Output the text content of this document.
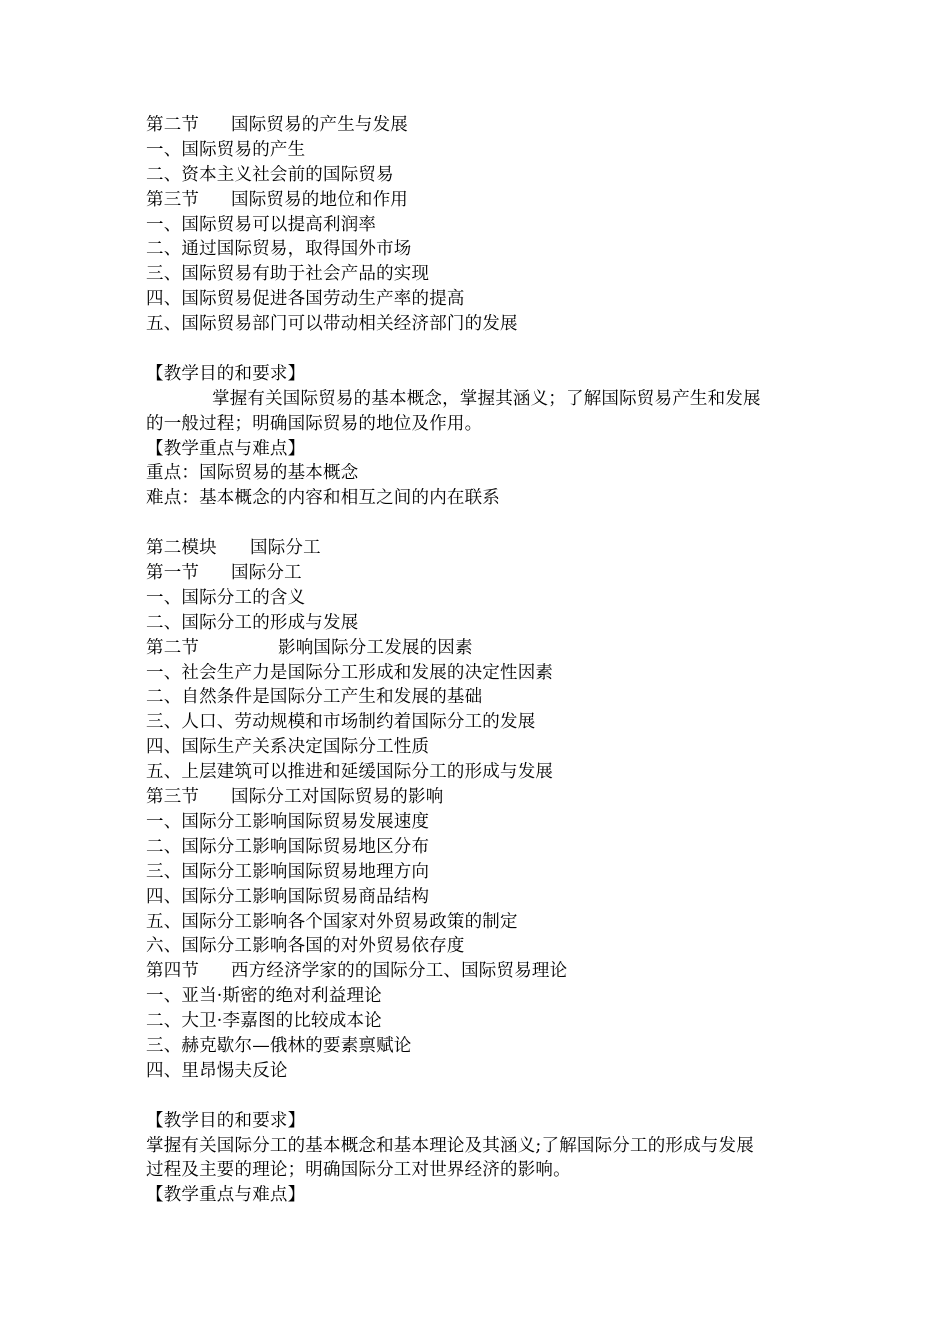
第二节 国际贸易的产生与发展
一、国际贸易的产生
二、资本主义社会前的国际贸易
第三节 国际贸易的地位和作用
一、国际贸易可以提高利润率
二、通过国际贸易，取得国外市场
三、国际贸易有助于社会产品的实现
四、国际贸易促进各国劳动生产率的提高
五、国际贸易部门可以带动相关经济部门的发展
【教学目的和要求】
掌握有关国际贸易的基本概念，掌握其涵义；了解国际贸易产生和发展
的一般过程；明确国际贸易的地位及作用。
【教学重点与难点】
重点：国际贸易的基本概念
难点：基本概念的内容和相互之间的内在联系
第二模块 国际分工
第一节 国际分工
一、国际分工的含义
二、国际分工的形成与发展
第二节	影响国际分工发展的因素
一、社会生产力是国际分工形成和发展的决定性因素
二、自然条件是国际分工产生和发展的基础
三、人口、劳动规模和市场制约着国际分工的发展
四、国际生产关系决定国际分工性质
五、上层建筑可以推进和延缓国际分工的形成与发展
第三节 国际分工对国际贸易的影响
一、国际分工影响国际贸易发展速度
二、国际分工影响国际贸易地区分布
三、国际分工影响国际贸易地理方向
四、国际分工影响国际贸易商品结构
五、国际分工影响各个国家对外贸易政策的制定
六、国际分工影响各国的对外贸易依存度
第四节 西方经济学家的的国际分工、国际贸易理论
一、亚当·斯密的绝对利益理论
二、大卫·李嘉图的比较成本论
三、赫克歇尔—俄林的要素禀赋论
四、里昂惕夫反论
【教学目的和要求】
掌握有关国际分工的基本概念和基本理论及其涵义;了解国际分工的形成与发展
过程及主要的理论；明确国际分工对世界经济的影响。
【教学重点与难点】
